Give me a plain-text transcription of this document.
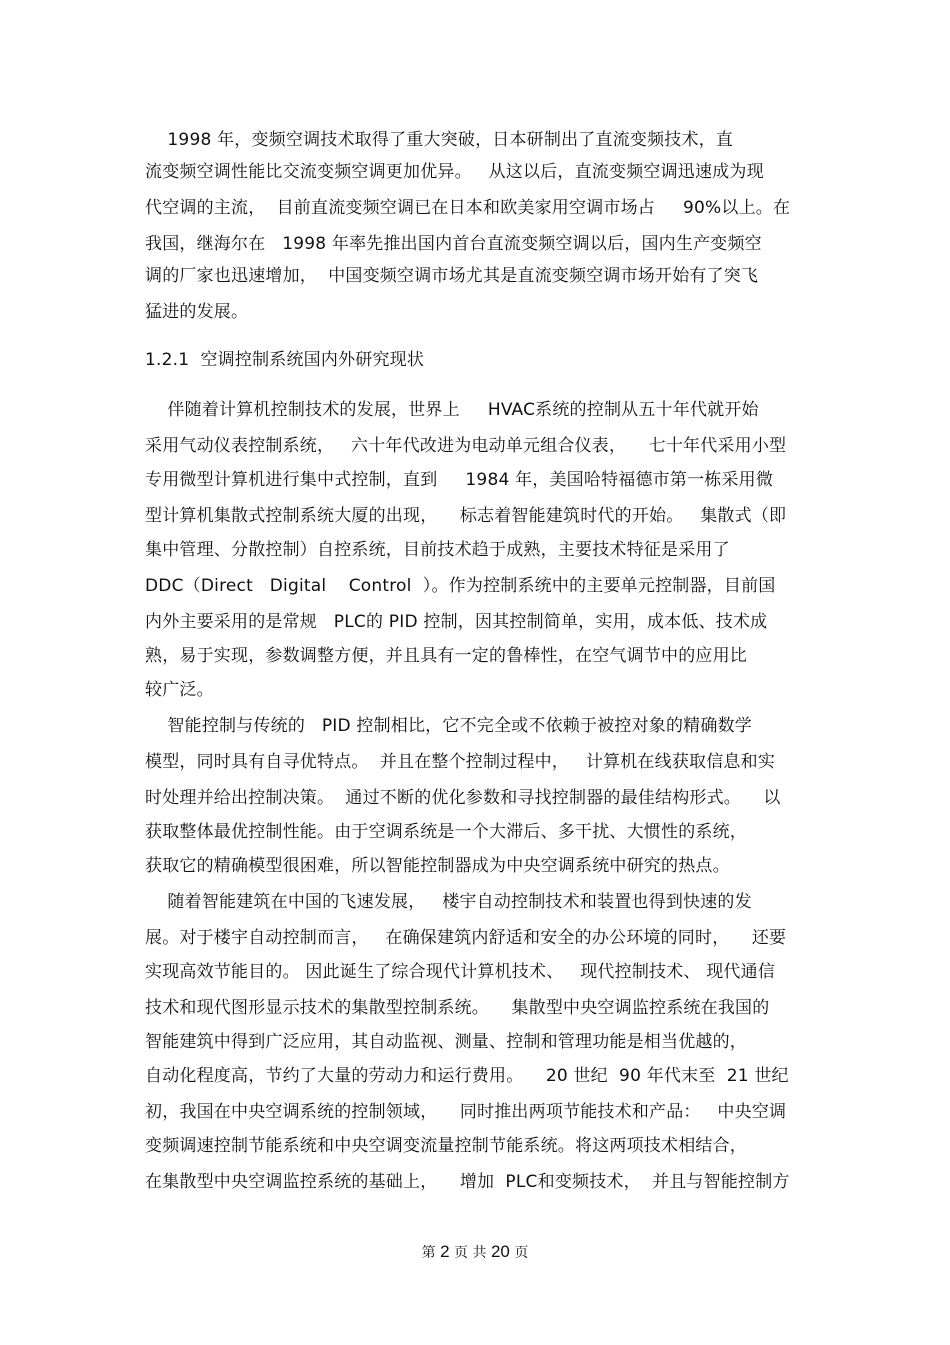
1998 年，变频空调技术取得了重大突破，日本研制出了直流变频技术，直
流变频空调性能比交流变频空调更加优异。   从这以后，直流变频空调迅速成为现
代空调的主流，  目前直流变频空调已在日本和欧美家用空调市场占     90%以上。在
我国，继海尔在   1998 年率先推出国内首台直流变频空调以后，国内生产变频空
调的厂家也迅速增加，  中国变频空调市场尤其是直流变频空调市场开始有了突飞
猛进的发展。
1.2.1  空调控制系统国内外研究现状
伴随着计算机控制技术的发展，世界上     HVAC系统的控制从五十年代就开始
采用气动仪表控制系统，   六十年代改进为电动单元组合仪表，    七十年代采用小型
专用微型计算机进行集中式控制，直到     1984 年，美国哈特福德市第一栋采用微
型计算机集散式控制系统大厦的出现，    标志着智能建筑时代的开始。   集散式（即
集中管理、分散控制）自控系统，目前技术趋于成熟，主要技术特征是采用了
DDC（Direct   Digital    Control  ）。作为控制系统中的主要单元控制器，目前国
内外主要采用的是常规   PLC的 PID 控制，因其控制简单，实用，成本低、技术成
熟，易于实现，参数调整方便，并且具有一定的鲁棒性，在空气调节中的应用比
较广泛。
智能控制与传统的   PID 控制相比，它不完全或不依赖于被控对象的精确数学
模型，同时具有自寻优特点。  并且在整个控制过程中，   计算机在线获取信息和实
时处理并给出控制决策。  通过不断的优化参数和寻找控制器的最佳结构形式。    以
获取整体最优控制性能。由于空调系统是一个大滞后、多干扰、大惯性的系统，
获取它的精确模型很困难，所以智能控制器成为中央空调系统中研究的热点。
随着智能建筑在中国的飞速发展，   楼宇自动控制技术和装置也得到快速的发
展。对于楼宇自动控制而言，   在确保建筑内舒适和安全的办公环境的同时，    还要
实现高效节能目的。 因此诞生了综合现代计算机技术、   现代控制技术、 现代通信
技术和现代图形显示技术的集散型控制系统。    集散型中央空调监控系统在我国的
智能建筑中得到广泛应用，其自动监视、测量、控制和管理功能是相当优越的，
自动化程度高，节约了大量的劳动力和运行费用。    20 世纪  90 年代末至  21 世纪
初，我国在中央空调系统的控制领域，    同时推出两项节能技术和产品：   中央空调
变频调速控制节能系统和中央空调变流量控制节能系统。将这两项技术相结合，
在集散型中央空调监控系统的基础上，    增加  PLC和变频技术，  并且与智能控制方
第 2 页 共 20 页
